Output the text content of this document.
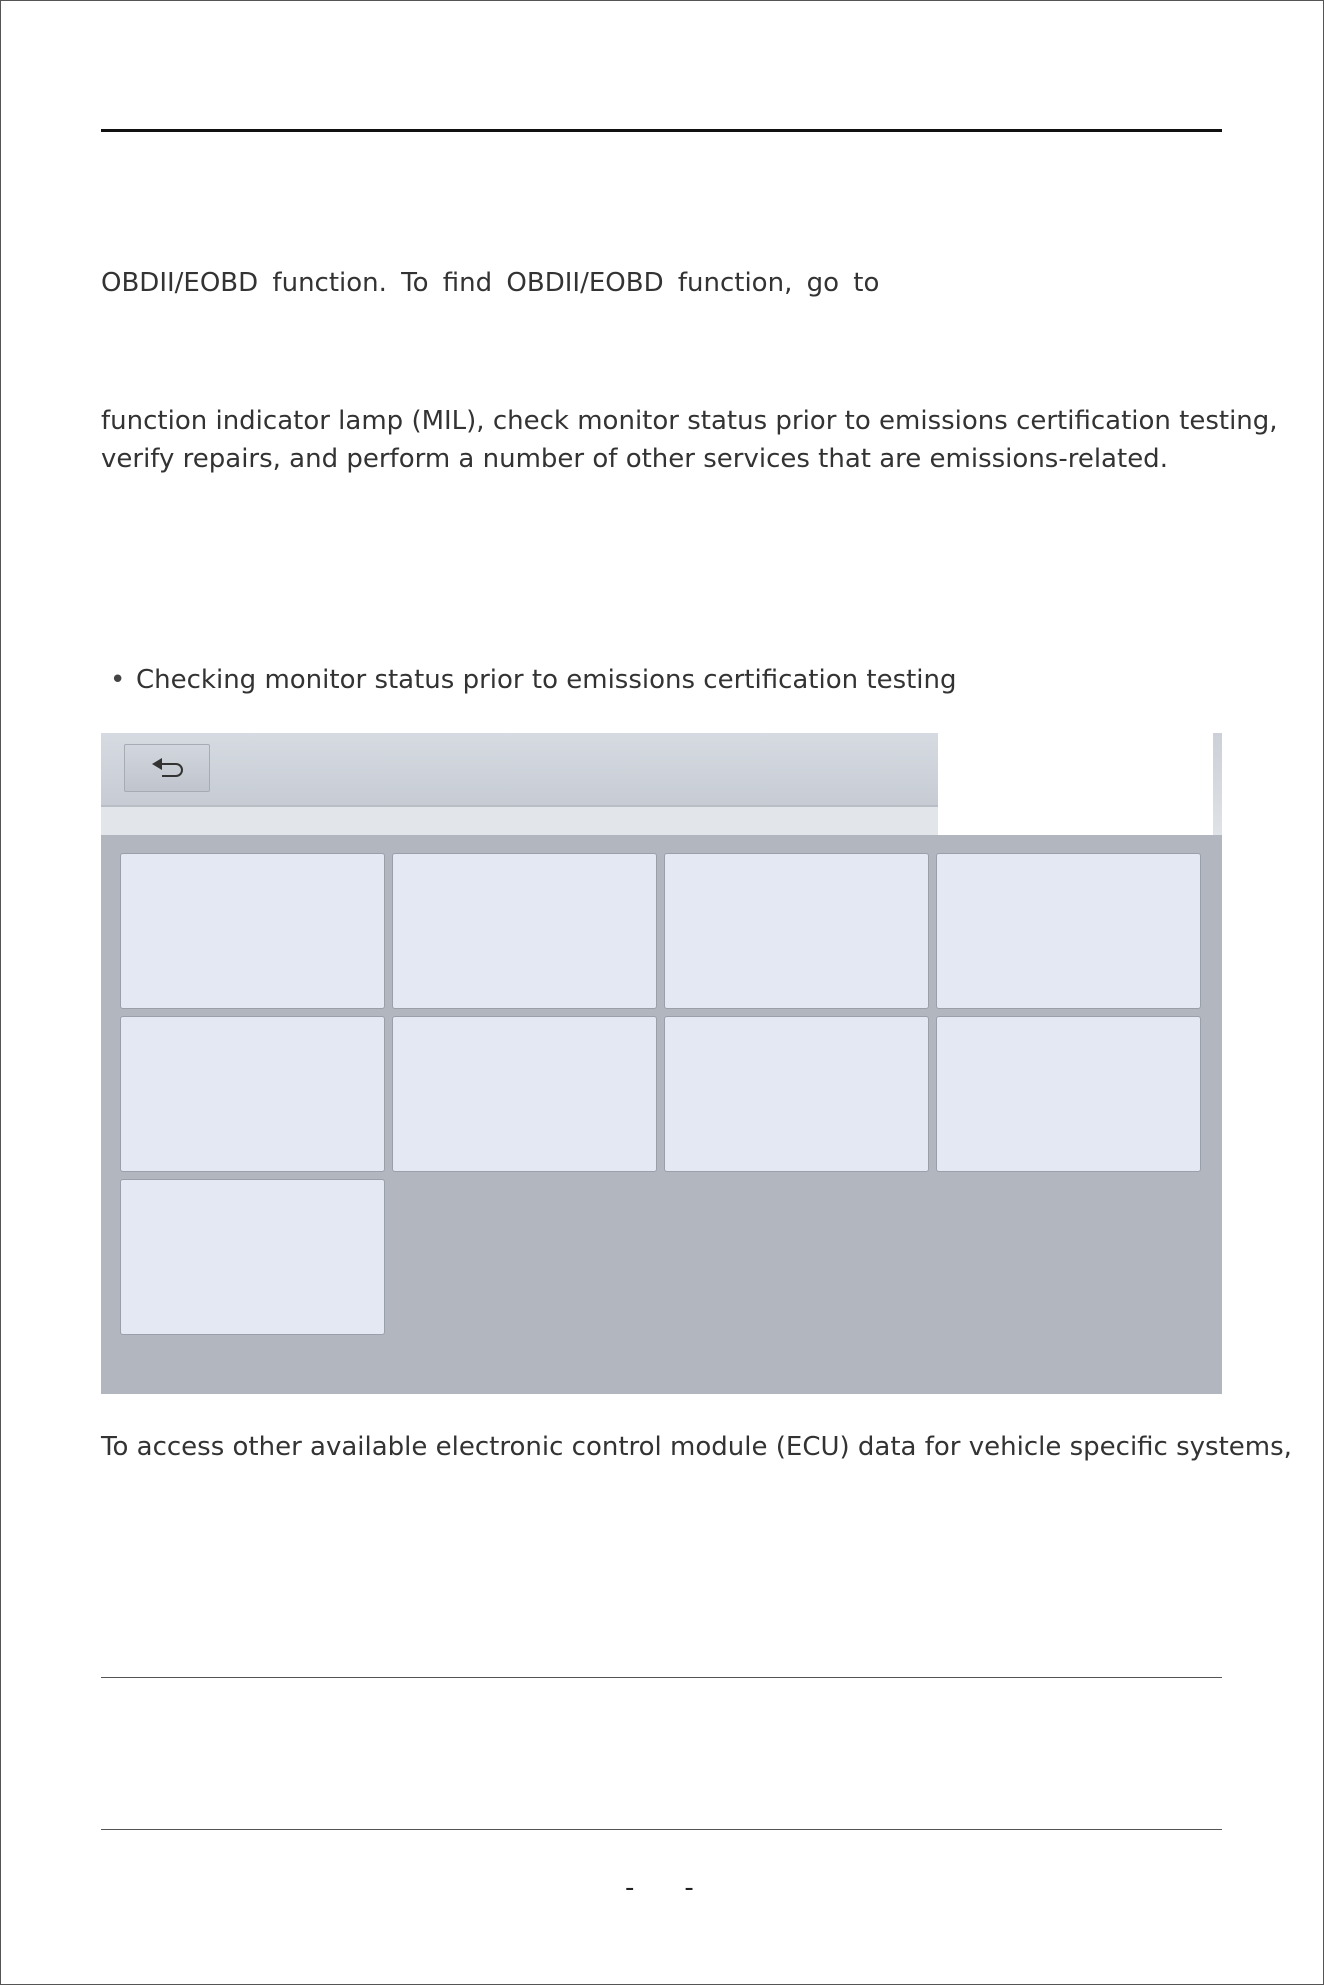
OBDII/EOBD function. To find OBDII/EOBD function, go to
function indicator lamp (MIL), check monitor status prior to emissions certification testing,
verify repairs, and perform a number of other services that are emissions-related.
• Checking monitor status prior to emissions certification testing
To access other available electronic control module (ECU) data for vehicle specific systems,
- -
